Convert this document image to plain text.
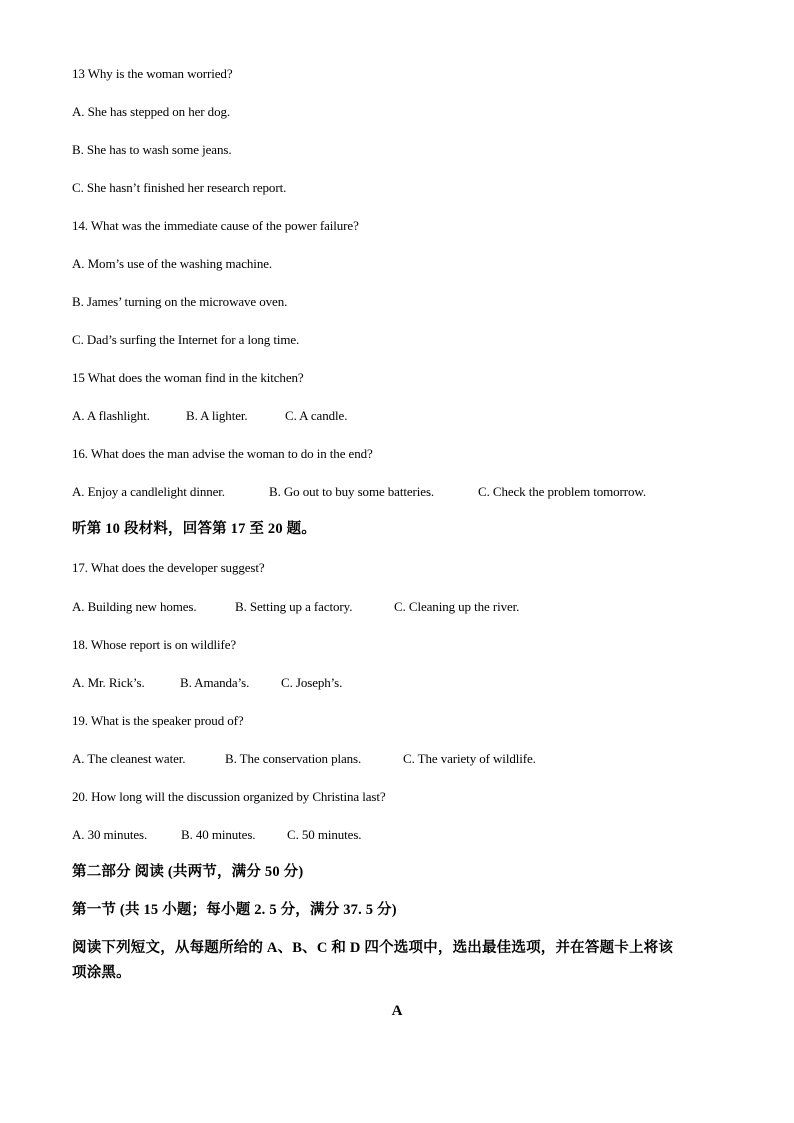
13 Why is the woman worried?
A. She has stepped on her dog.
B. She has to wash some jeans.
C. She hasn’t finished her research report.
14. What was the immediate cause of the power failure?
A. Mom’s use of the washing machine.
B. James’ turning on the microwave oven.
C. Dad’s surfing the Internet for a long time.
15 What does the woman find in the kitchen?
A. A flashlight.	B. A lighter.	C. A candle.
16. What does the man advise the woman to do in the end?
A. Enjoy a candlelight dinner.	B. Go out to buy some batteries.	C. Check the problem tomorrow.
听第 10 段材料，回答第 17 至 20 题。
17. What does the developer suggest?
A. Building new homes.	B. Setting up a factory.	C. Cleaning up the river.
18. Whose report is on wildlife?
A. Mr. Rick’s.	B. Amanda’s. C. Joseph’s.
19. What is the speaker proud of?
A. The cleanest water.	B. The conservation plans.	C. The variety of wildlife.
20. How long will the discussion organized by Christina last?
A. 30 minutes.	B. 40 minutes. C. 50 minutes.
第二部分 阅读 (共两节，满分 50 分)
第一节 (共 15 小题；每小题 2. 5 分，满分 37. 5 分)
阅读下列短文，从每题所给的 A、B、C 和 D 四个选项中，选出最佳选项，并在答题卡上将该
项涂黑。
A
